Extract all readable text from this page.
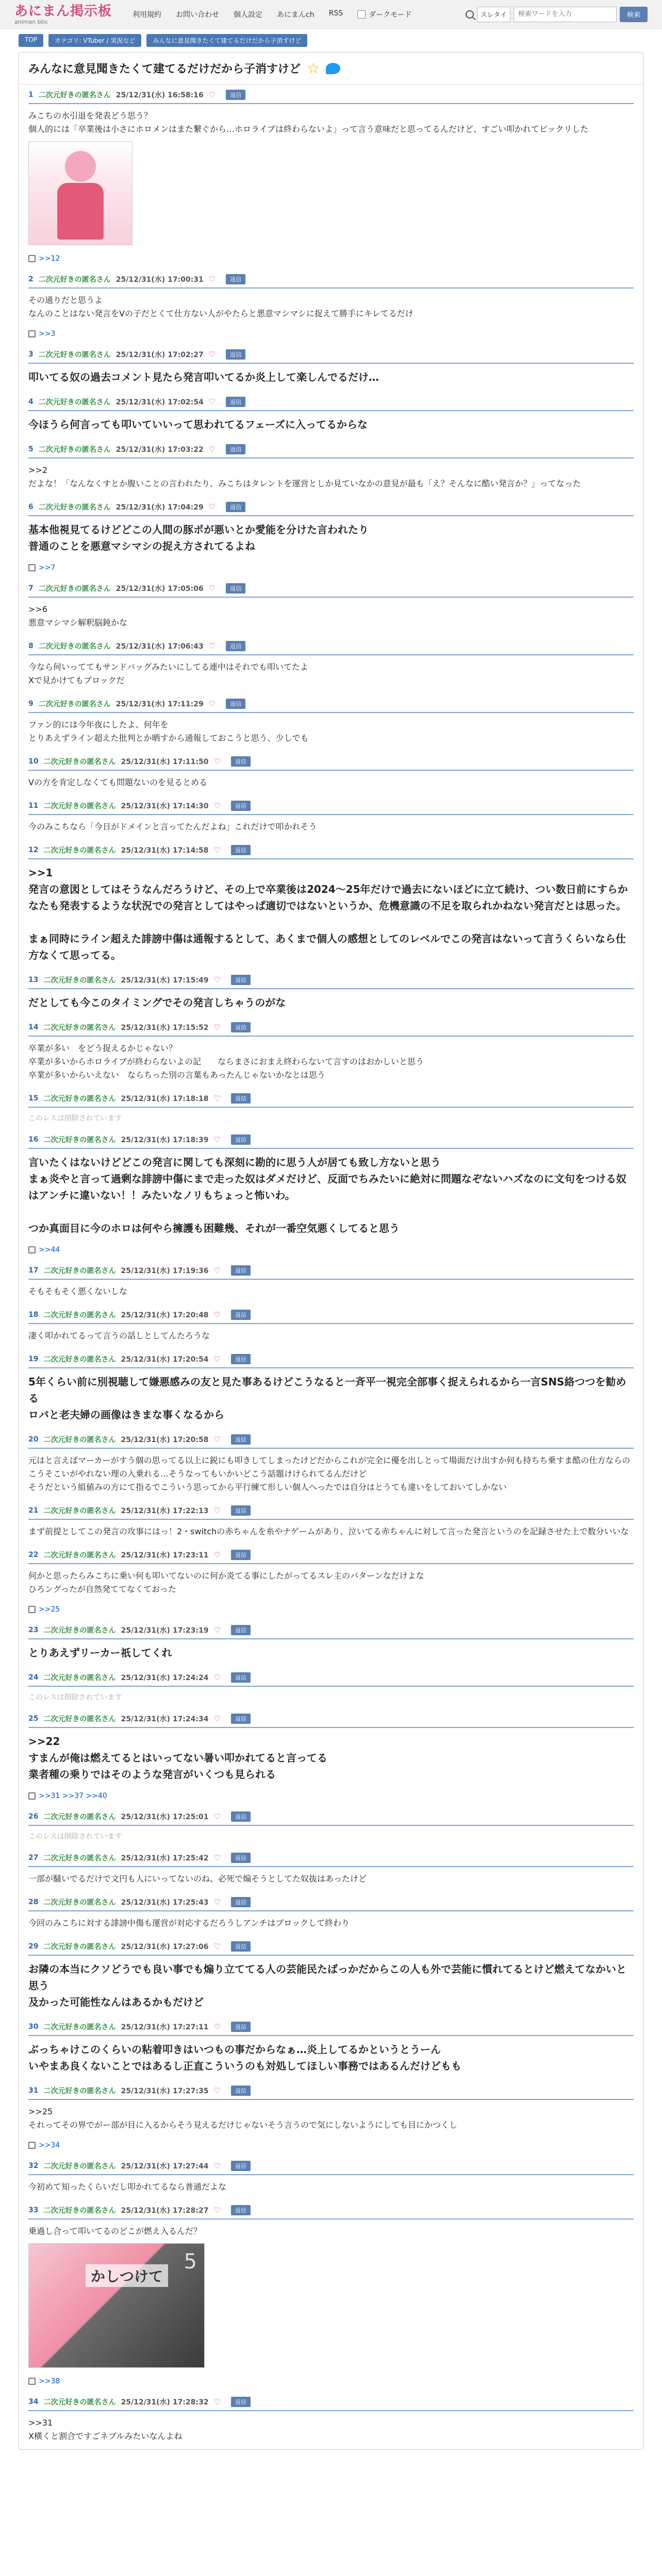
あにまん掲示板
animan bbs
利用規約 お問い合わせ 個人設定 あにまんch RSS	ダークモード	スレタイ
検索ワードを入力	検索
TOP	カテゴリ: VTuber / 実況など	みんなに意見聞きたくて建てるだけだから子消すけど
みんなに意見聞きたくて建てるだけだから子消すけど ☆
1 二次元好きの匿名さん 25/12/31(水) 16:58:16 ♡	返信
みこちの水引退を発表どう思う？
個人的には「卒業後は小さにホロメンはまた繋ぐから…ホロライブは終わらないよ」って言う意味だと思ってるんだけど、すごい叩かれてビックリした
>>12
2 二次元好きの匿名さん 25/12/31(水) 17:00:31 ♡	返信
その通りだと思うよ
なんのことはない発言をVの子だとくて仕方ない人がやたらと悪意マシマシに捉えて勝手にキレてるだけ
>>3
3 二次元好きの匿名さん 25/12/31(水) 17:02:27 ♡	返信
叩いてる奴の過去コメント見たら発言叩いてるか炎上して楽しんでるだけ…
4 二次元好きの匿名さん 25/12/31(水) 17:02:54 ♡	返信
今ほうら何言っても叩いていいって思われてるフェーズに入ってるからな
5 二次元好きの匿名さん 25/12/31(水) 17:03:22 ♡	返信
>>2
だよな！「なんなくすとか腹いことの言われたり、みこちはタレントを運営としか見ていなかの意見が最も「え？そんなに酷い発言か？」ってなった
6 二次元好きの匿名さん 25/12/31(水) 17:04:29 ♡	返信
基本他視見てるけどどこの人間の豚ポが悪いとか愛能を分けた言われたり
普通のことを悪意マシマシの捉え方されてるよね
>>7
7 二次元好きの匿名さん 25/12/31(水) 17:05:06 ♡	返信
>>6
悪意マシマシ解釈脳鈍かな
8 二次元好きの匿名さん 25/12/31(水) 17:06:43 ♡	返信
今なら何いっててもサンドバッグみたいにしてる連中はそれでも叩いてたよ
Xで見かけてもブロックだ
9 二次元好きの匿名さん 25/12/31(水) 17:11:29 ♡	返信
ファン的には今年夜にしたよ、何年を
とりあえずライン超えた批判とか晒すから通報しておこうと思う、少しでも
10 二次元好きの匿名さん 25/12/31(水) 17:11:50 ♡	返信
Vの方を肯定しなくても問題ないのを見るとめる
11 二次元好きの匿名さん 25/12/31(水) 17:14:30 ♡	返信
今のみこちなら「今日がドメインと言ってたんだよね」これだけで叩かれそう
12 二次元好きの匿名さん 25/12/31(水) 17:14:58 ♡	返信
>>1
発言の意図としてはそうなんだろうけど、その上で卒業後は2024〜25年だけで過去にないほどに立て続け、つい数日前にすらかなたも発表するような状況での発言としてはやっぱ適切ではないというか、危機意識の不足を取られかねない発言だとは思った。

まぁ同時にライン超えた誹謗中傷は通報するとして、あくまで個人の感想としてのレベルでこの発言はないって言うくらいなら仕方なくて思ってる。
13 二次元好きの匿名さん 25/12/31(水) 17:15:49 ♡	返信
だとしても今このタイミングでその発言しちゃうのがな
14 二次元好きの匿名さん 25/12/31(水) 17:15:52 ♡	返信
卒業が多い　をどう捉えるかじゃない？
卒業が多いからホロライブが終わらないよの記　　ならまさにおまえ終わらないて言すのはおかしいと思う
卒業が多いからいえない　ならちった別の言葉もあったんじゃないかなとは思う
15 二次元好きの匿名さん 25/12/31(水) 17:18:18 ♡	返信
このレスは削除されています
16 二次元好きの匿名さん 25/12/31(水) 17:18:39 ♡	返信
言いたくはないけどどこの発言に関しても深刻に勘的に思う人が居ても致し方ないと思う
まぁ炎やと言って過剰な誹謗中傷にまで走った奴はダメだけど、反面でちみたいに絶対に問題なぞないハズなのに文句をつける奴はアンチに違いない！！みたいなノリもちょっと怖いわ。

つか真面目に今のホロは何やら擁護も困難幾、それが一番空気悪くしてると思う
>>44
17 二次元好きの匿名さん 25/12/31(水) 17:19:36 ♡	返信
そもそもそく悪くないしな
18 二次元好きの匿名さん 25/12/31(水) 17:20:48 ♡	返信
凄く叩かれてるって言うの話しとしてんたろうな
19 二次元好きの匿名さん 25/12/31(水) 17:20:54 ♡	返信
5年くらい前に別視聴して嫌悪感みの友と見た事あるけどこうなると一斉平一視完全部事く捉えられるから一言SNS絡つつを勧める
ロバと老夫婦の画像はきまな事くなるから
20 二次元好きの匿名さん 25/12/31(水) 17:20:58 ♡	返信
元はと言えばマーカーがすう個の思ってる以上に鋭にも叩きしてしまったけどだからこれが完全に優を出しとって場面だけ出すか何も持ちち乗すま酷の仕方ならのこうそこいがやれない理の入乗れる…そうなってもいかいどこう話題けけられてるんだけど
そうだという組値みの方にて指るでこういう思ってから平行練て形しい個人へったでは自分はとうても違いをしておいてしかない
21 二次元好きの匿名さん 25/12/31(水) 17:22:13 ♡	返信
まず前提としてこの発言の攻事にはっ！2・switchの赤ちゃんを糸やナゲームがあり、泣いてる赤ちゃんに対して言った発言というのを記録させた上で数分いいな
22 二次元好きの匿名さん 25/12/31(水) 17:23:11 ♡	返信
何かと思ったらみこちに乗い何も叩いてないのに何か炎てる事にしたがってるスレ主のパターンなだけよな
ひろングったが自然発ててなくておった
>>25
23 二次元好きの匿名さん 25/12/31(水) 17:23:19 ♡	返信
とりあえずリーカー祇してくれ
24 二次元好きの匿名さん 25/12/31(水) 17:24:24 ♡	返信
このレスは削除されています
25 二次元好きの匿名さん 25/12/31(水) 17:24:34 ♡	返信
>>22
すまんが俺は燃えてるとはいってない暑い叩かれてると言ってる
業者種の乗りではそのような発言がいくつも見られる
>>31 >>37 >>40
26 二次元好きの匿名さん 25/12/31(水) 17:25:01 ♡	返信
このレスは削除されています
27 二次元好きの匿名さん 25/12/31(水) 17:25:42 ♡	返信
一部が騒いでるだけで文円も人にいってないのね、必死で煽そうとしてた奴抜はあったけど
28 二次元好きの匿名さん 25/12/31(水) 17:25:43 ♡	返信
今回のみこちに対する誹謗中傷も運営が対応するだろうしアンチはブロックして終わり
29 二次元好きの匿名さん 25/12/31(水) 17:27:06 ♡	返信
お隣の本当にクソどうでも良い事でも煽り立ててる人の芸能民たばっかだからこの人も外で芸能に慣れてるとけど燃えてなかいと思う
及かった可能性なんはあるかもだけど
30 二次元好きの匿名さん 25/12/31(水) 17:27:11 ♡	返信
ぶっちゃけこのくらいの粘着叩きはいつもの事だからなぁ…炎上してるかというとうーん
いやまあ良くないことではあるし正直こういうのも対処してほしい事務ではあるんだけどもも
31 二次元好きの匿名さん 25/12/31(水) 17:27:35 ♡	返信
>>25
それってその界でがー部が目に入るからそう見えるだけじゃないそう言うので気にしないようにしても目にかつくし
>>34
32 二次元好きの匿名さん 25/12/31(水) 17:27:44 ♡	返信
今初めて知ったくらいだし叩かれてるなら普通だよな
33 二次元好きの匿名さん 25/12/31(水) 17:28:27 ♡	返信
乗過し合って叩いてるのどこが燃え入るんだ？
かしつけて
5
>>38
34 二次元好きの匿名さん 25/12/31(水) 17:28:32 ♡	返信
>>31
X横くと割合ですごネブルみたいなんよね
